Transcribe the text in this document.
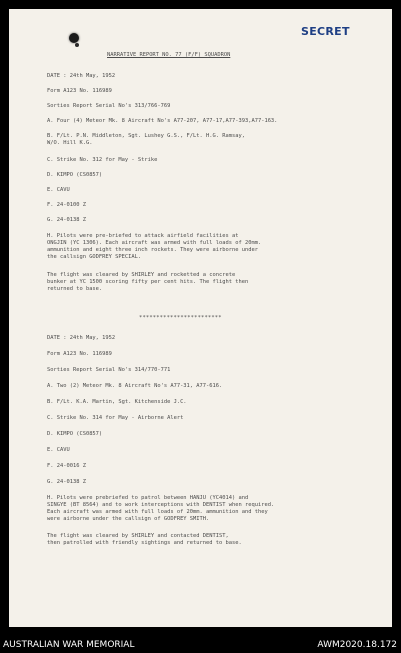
SECRET
NARRATIVE REPORT NO. 77 (F/F) SQUADRON
DATE : 24th May, 1952
Form A123 No. 116989
Sorties Report Serial No's 313/766-769
A. Four (4) Meteor Mk. 8 Aircraft No's A77-207, A77-17,A77-393,A77-163.
B. F/Lt. P.N. Middleton, Sgt. Lushey G.S., F/Lt. H.G. Ramsay,
W/O. Hill K.G.
C. Strike No. 312 for May - Strike
D. KIMPO (CS0857)
E. CAVU
F. 24-0100 Z
G. 24-0138 Z
H. Pilots were pre-briefed to attack airfield facilities at
ONGJIN (YC 1306). Each aircraft was armed with full loads of 20mm.
ammunition and eight three inch rockets. They were airborne under
the callsign GODFREY SPECIAL.
The flight was cleared by SHIRLEY and rocketted a concrete
bunker at YC 1500 scoring fifty per cent hits. The flight then
returned to base.
************************
DATE : 24th May, 1952
Form A123 No. 116989
Sorties Report Serial No's 314/770-771
A. Two (2) Meteor Mk. 8 Aircraft No's A77-31, A77-616.
B. F/Lt. K.A. Martin, Sgt. Kitchenside J.C.
C. Strike No. 314 for May - Airborne Alert
D. KIMPO (CS0857)
E. CAVU
F. 24-0016 Z
G. 24-0138 Z
H. Pilots were prebriefed to patrol between HANJU (YC4014) and
SINGYE (BT 8564) and to work interceptions with DENTIST when required.
Each aircraft was armed with full loads of 20mm. ammunition and they
were airborne under the callsign of GODFREY SMITH.
The flight was cleared by SHIRLEY and contacted DENTIST,
then patrolled with friendly sightings and returned to base.
AUSTRALIAN WAR MEMORIAL	AWM2020.18.172
